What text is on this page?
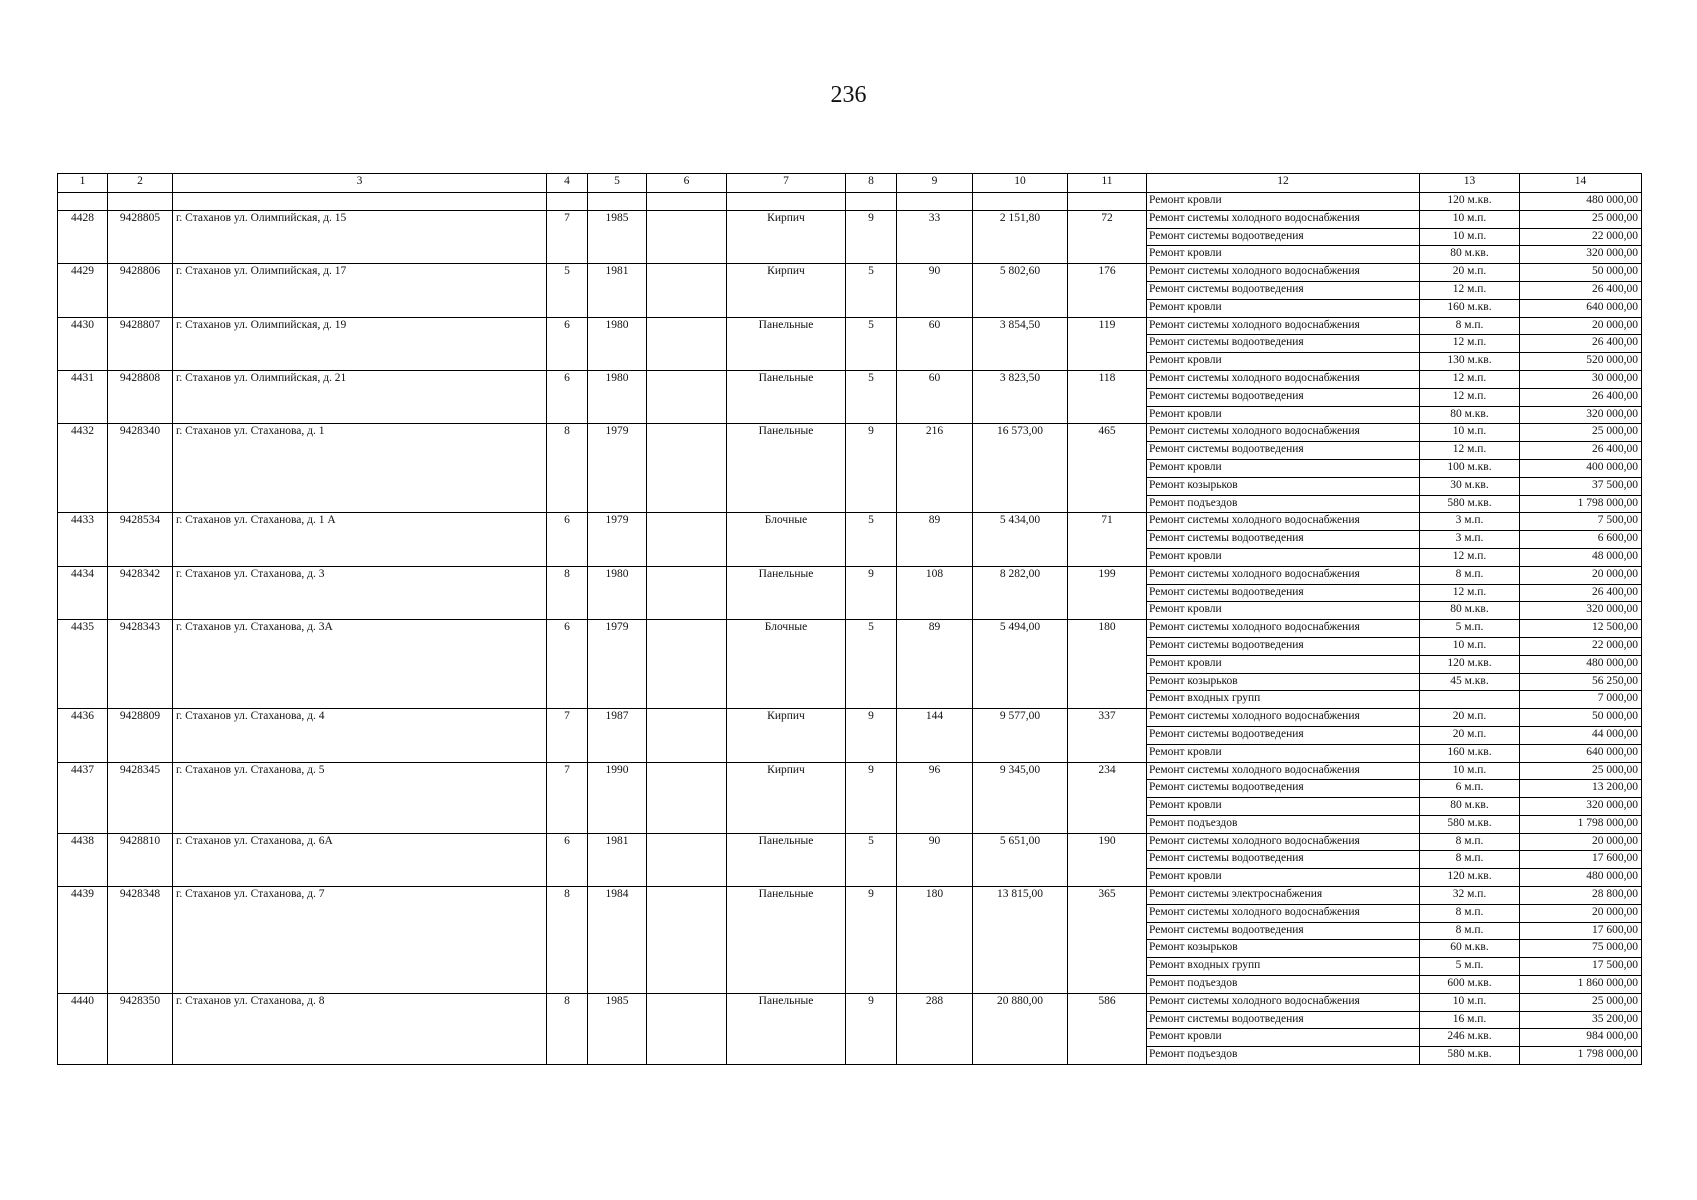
236
1	2	3	4	5	6	7	8	9	10	11	12	13	14
											Ремонт кровли	120 м.кв.	480 000,00
4428	9428805	г. Стаханов ул. Олимпийская, д. 15	7	1985		Кирпич	9	33	2 151,80	72	Ремонт системы холодного водоснабжения	10 м.п.	25 000,00
											Ремонт системы водоотведения	10 м.п.	22 000,00
											Ремонт кровли	80 м.кв.	320 000,00
4429	9428806	г. Стаханов ул. Олимпийская, д. 17	5	1981		Кирпич	5	90	5 802,60	176	Ремонт системы холодного водоснабжения	20 м.п.	50 000,00
											Ремонт системы водоотведения	12 м.п.	26 400,00
											Ремонт кровли	160 м.кв.	640 000,00
4430	9428807	г. Стаханов ул. Олимпийская, д. 19	6	1980		Панельные	5	60	3 854,50	119	Ремонт системы холодного водоснабжения	8 м.п.	20 000,00
											Ремонт системы водоотведения	12 м.п.	26 400,00
											Ремонт кровли	130 м.кв.	520 000,00
4431	9428808	г. Стаханов ул. Олимпийская, д. 21	6	1980		Панельные	5	60	3 823,50	118	Ремонт системы холодного водоснабжения	12 м.п.	30 000,00
											Ремонт системы водоотведения	12 м.п.	26 400,00
											Ремонт кровли	80 м.кв.	320 000,00
4432	9428340	г. Стаханов ул. Стаханова, д. 1	8	1979		Панельные	9	216	16 573,00	465	Ремонт системы холодного водоснабжения	10 м.п.	25 000,00
											Ремонт системы водоотведения	12 м.п.	26 400,00
											Ремонт кровли	100 м.кв.	400 000,00
											Ремонт козырьков	30 м.кв.	37 500,00
											Ремонт подъездов	580 м.кв.	1 798 000,00
4433	9428534	г. Стаханов ул. Стаханова, д. 1 А	6	1979		Блочные	5	89	5 434,00	71	Ремонт системы холодного водоснабжения	3 м.п.	7 500,00
											Ремонт системы водоотведения	3 м.п.	6 600,00
											Ремонт кровли	12 м.п.	48 000,00
4434	9428342	г. Стаханов ул. Стаханова, д. 3	8	1980		Панельные	9	108	8 282,00	199	Ремонт системы холодного водоснабжения	8 м.п.	20 000,00
											Ремонт системы водоотведения	12 м.п.	26 400,00
											Ремонт кровли	80 м.кв.	320 000,00
4435	9428343	г. Стаханов ул. Стаханова, д. 3А	6	1979		Блочные	5	89	5 494,00	180	Ремонт системы холодного водоснабжения	5 м.п.	12 500,00
											Ремонт системы водоотведения	10 м.п.	22 000,00
											Ремонт кровли	120 м.кв.	480 000,00
											Ремонт козырьков	45 м.кв.	56 250,00
											Ремонт входных групп		7 000,00
4436	9428809	г. Стаханов ул. Стаханова, д. 4	7	1987		Кирпич	9	144	9 577,00	337	Ремонт системы холодного водоснабжения	20 м.п.	50 000,00
											Ремонт системы водоотведения	20 м.п.	44 000,00
											Ремонт кровли	160 м.кв.	640 000,00
4437	9428345	г. Стаханов ул. Стаханова, д. 5	7	1990		Кирпич	9	96	9 345,00	234	Ремонт системы холодного водоснабжения	10 м.п.	25 000,00
											Ремонт системы водоотведения	6 м.п.	13 200,00
											Ремонт кровли	80 м.кв.	320 000,00
											Ремонт подъездов	580 м.кв.	1 798 000,00
4438	9428810	г. Стаханов ул. Стаханова, д. 6А	6	1981		Панельные	5	90	5 651,00	190	Ремонт системы холодного водоснабжения	8 м.п.	20 000,00
											Ремонт системы водоотведения	8 м.п.	17 600,00
											Ремонт кровли	120 м.кв.	480 000,00
4439	9428348	г. Стаханов ул. Стаханова, д. 7	8	1984		Панельные	9	180	13 815,00	365	Ремонт системы электроснабжения	32 м.п.	28 800,00
											Ремонт системы холодного водоснабжения	8 м.п.	20 000,00
											Ремонт системы водоотведения	8 м.п.	17 600,00
											Ремонт козырьков	60 м.кв.	75 000,00
											Ремонт входных групп	5 м.п.	17 500,00
											Ремонт подъездов	600 м.кв.	1 860 000,00
4440	9428350	г. Стаханов ул. Стаханова, д. 8	8	1985		Панельные	9	288	20 880,00	586	Ремонт системы холодного водоснабжения	10 м.п.	25 000,00
											Ремонт системы водоотведения	16 м.п.	35 200,00
											Ремонт кровли	246 м.кв.	984 000,00
											Ремонт подъездов	580 м.кв.	1 798 000,00
